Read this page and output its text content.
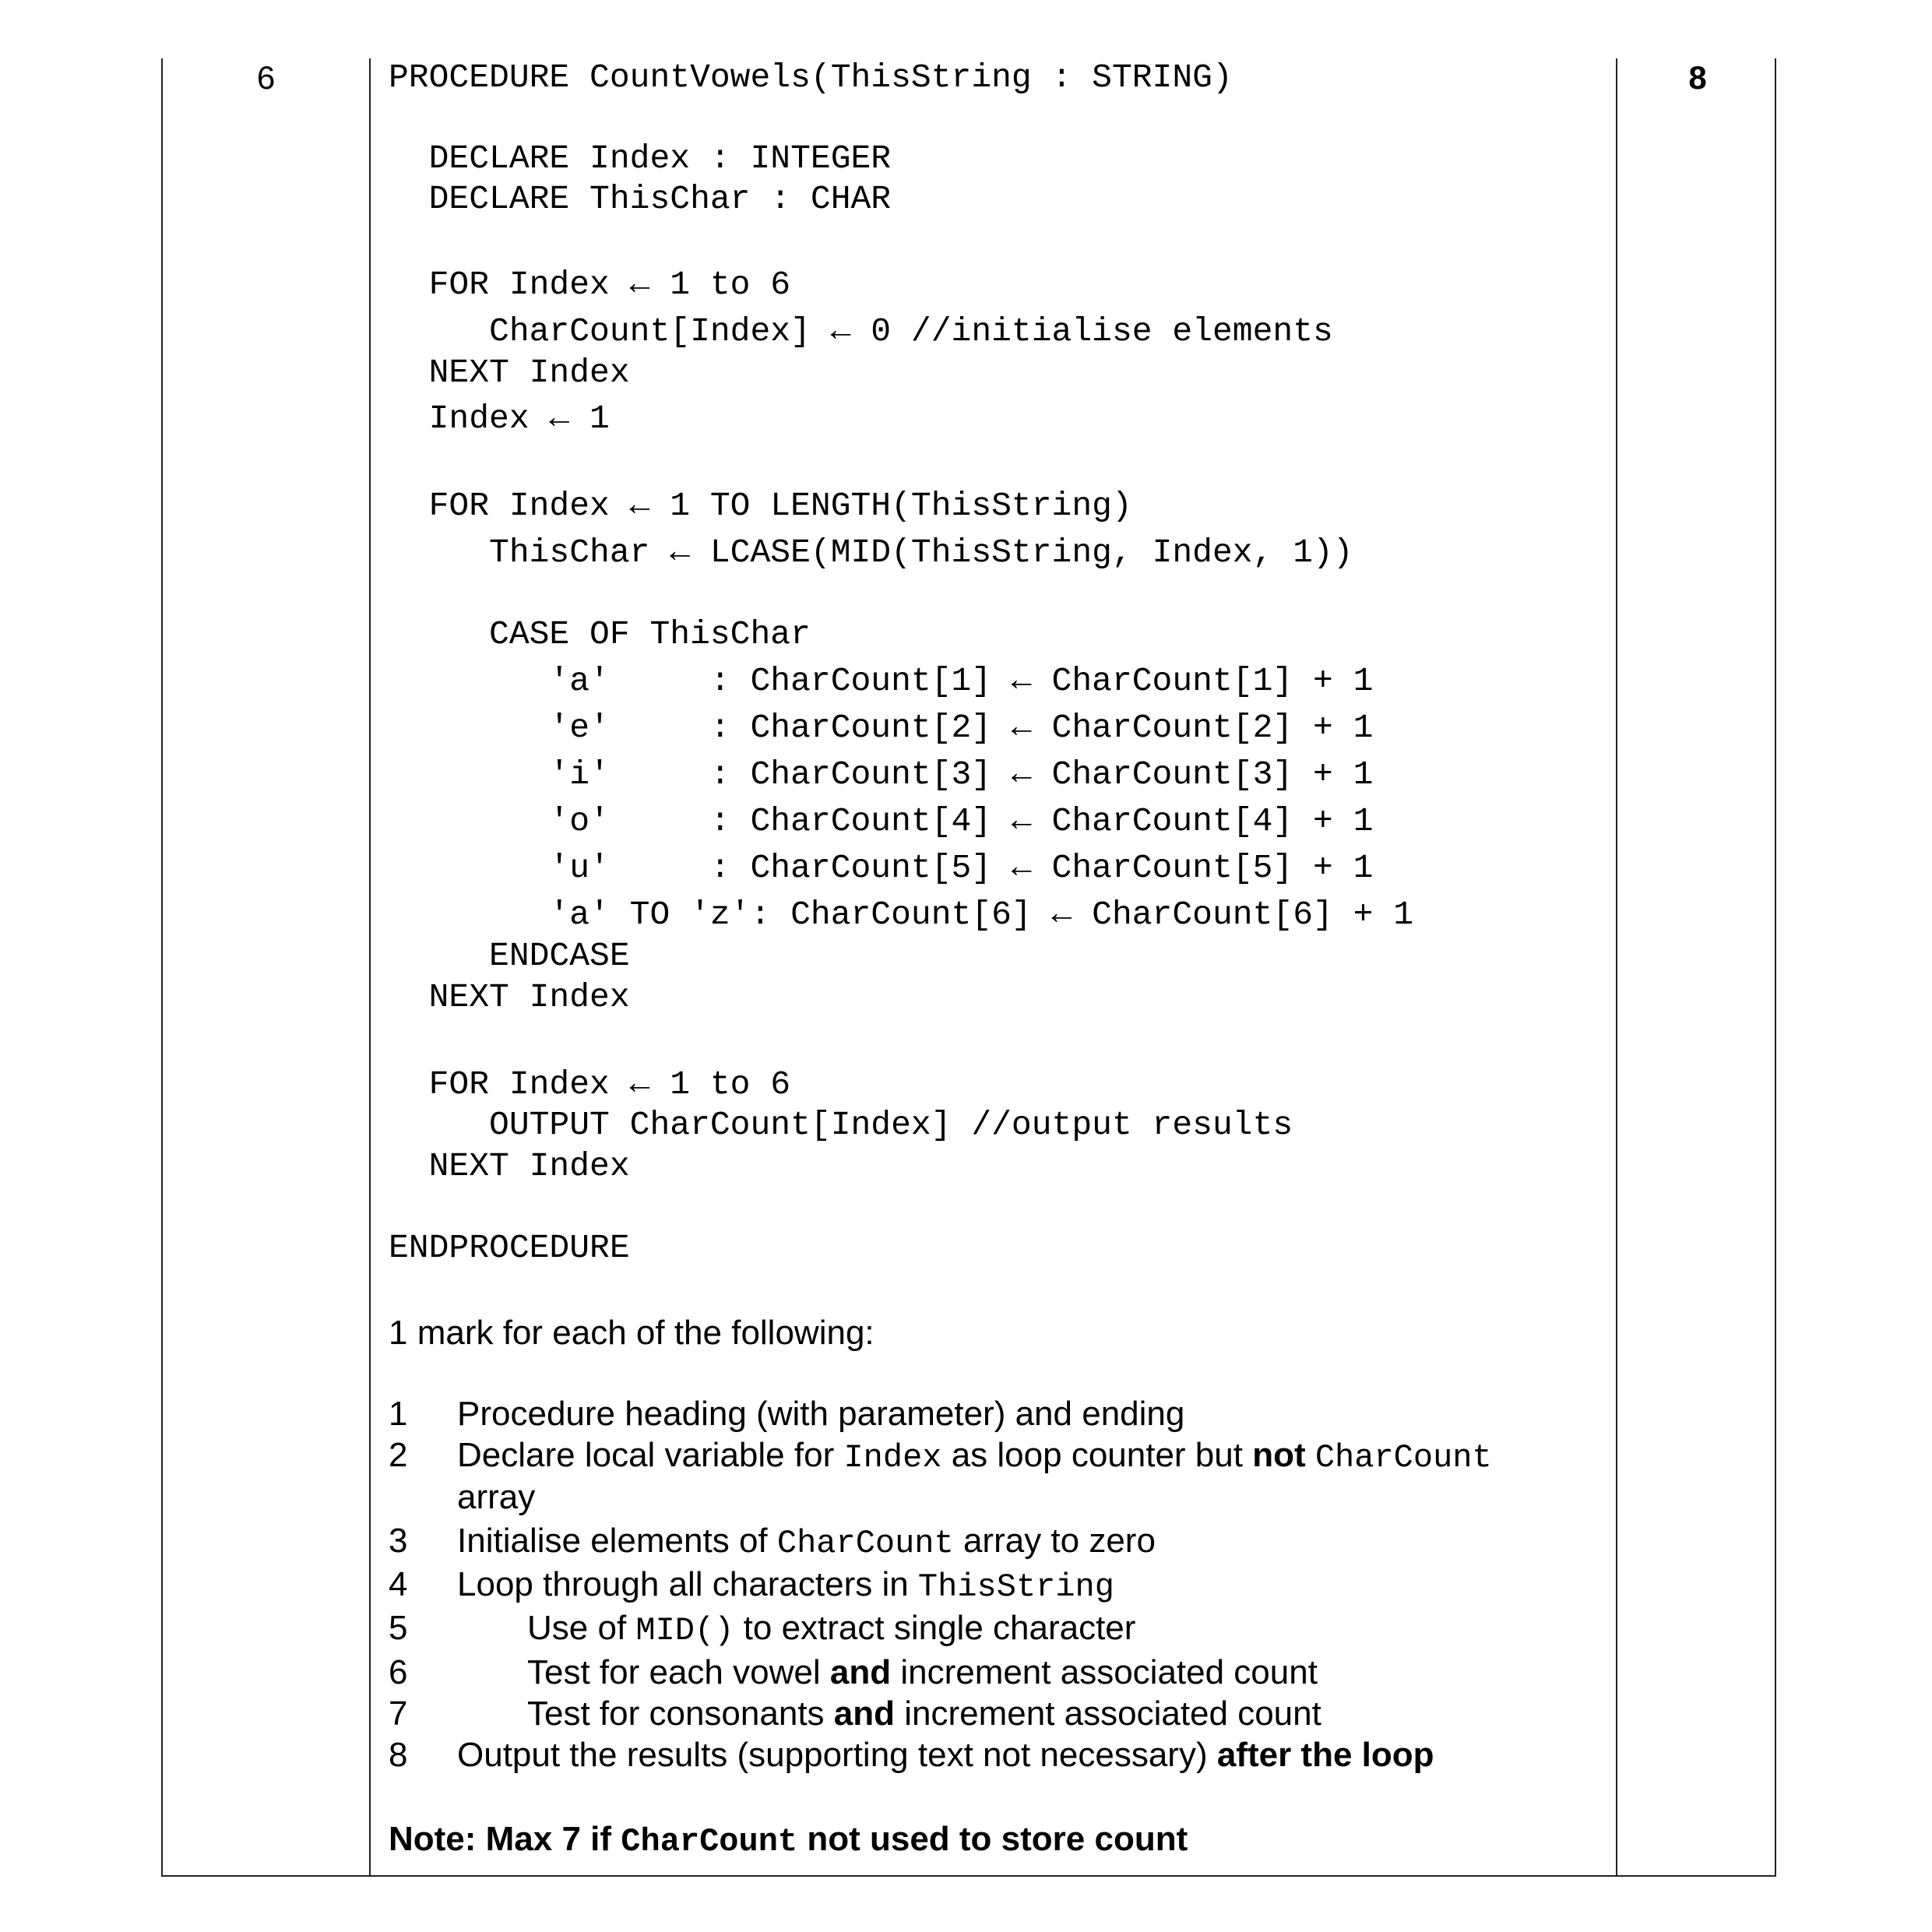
6	8

PROCEDURE CountVowels(ThisString : STRING)

DECLARE Index : INTEGER

DECLARE ThisChar : CHAR

FOR Index ← 1 to 6

CharCount[Index] ← 0 //initialise elements

NEXT Index

Index ← 1

FOR Index ← 1 TO LENGTH(ThisString)

ThisChar ← LCASE(MID(ThisString, Index, 1))

CASE OF ThisChar

'a'     : CharCount[1] ← CharCount[1] + 1

'e'     : CharCount[2] ← CharCount[2] + 1

'i'     : CharCount[3] ← CharCount[3] + 1

'o'     : CharCount[4] ← CharCount[4] + 1

'u'     : CharCount[5] ← CharCount[5] + 1

'a' TO 'z': CharCount[6] ← CharCount[6] + 1

ENDCASE

NEXT Index

FOR Index ← 1 to 6

OUTPUT CharCount[Index] //output results

NEXT Index

ENDPROCEDURE

1 mark for each of the following:
1 Procedure heading (with parameter) and ending
2 Declare local variable for Index as loop counter but not CharCount
array
3 Initialise elements of CharCount array to zero
4 Loop through all characters in ThisString
5	Use of MID() to extract single character
6	Test for each vowel and increment associated count
7	Test for consonants and increment associated count
8 Output the results (supporting text not necessary) after the loop
Note: Max 7 if CharCount not used to store count
